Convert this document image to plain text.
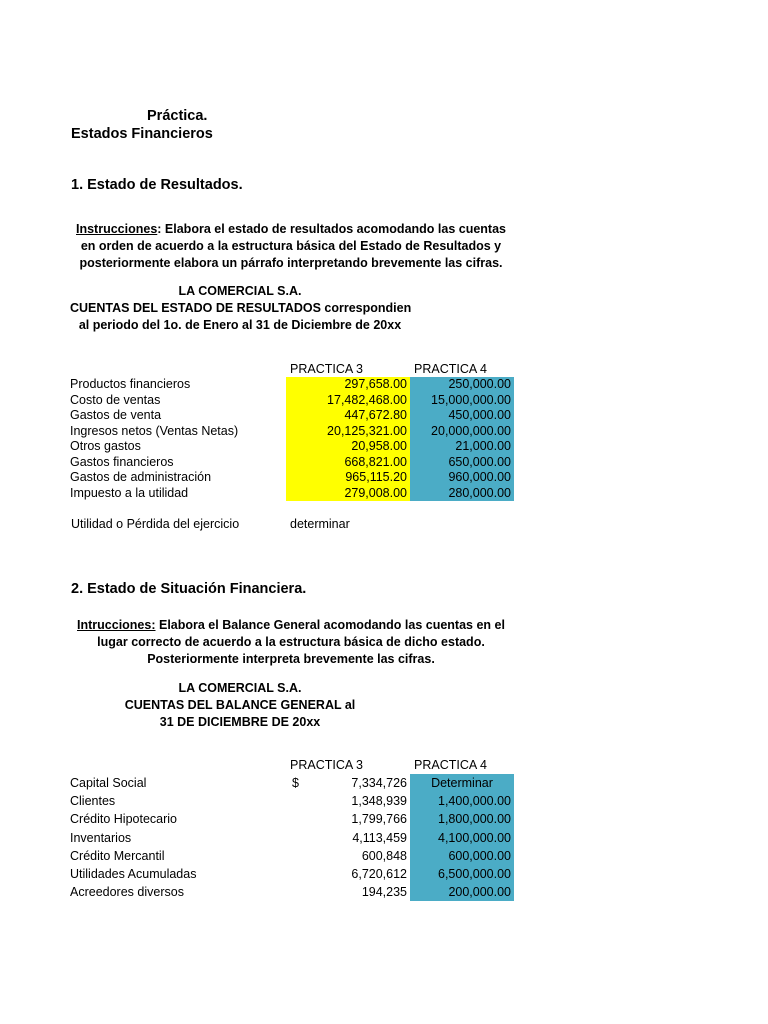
Práctica.
Estados Financieros
1. Estado de Resultados.
Instrucciones: Elabora el estado de resultados acomodando las cuentas
en orden de acuerdo a la estructura básica del Estado de Resultados y
posteriormente elabora un párrafo interpretando brevemente las cifras.
LA COMERCIAL S.A.
CUENTAS DEL ESTADO DE RESULTADOS correspondien
al periodo del 1o. de Enero al 31 de Diciembre de 20xx
PRACTICA 3	PRACTICA 4
Productos financieros	297,658.00	250,000.00
Costo de ventas	17,482,468.00	15,000,000.00
Gastos de venta	447,672.80	450,000.00
Ingresos netos (Ventas Netas)	20,125,321.00	20,000,000.00
Otros gastos	20,958.00	21,000.00
Gastos financieros	668,821.00	650,000.00
Gastos de administración	965,115.20	960,000.00
Impuesto a la utilidad	279,008.00	280,000.00
Utilidad o Pérdida del ejercicio	determinar
2. Estado de Situación Financiera.
Intrucciones: Elabora el Balance General acomodando las cuentas en el
lugar correcto de acuerdo a la estructura básica de dicho estado.
Posteriormente interpreta brevemente las cifras.
LA COMERCIAL S.A.
CUENTAS DEL BALANCE GENERAL al
31 DE DICIEMBRE DE 20xx
PRACTICA 3	PRACTICA 4
Capital Social	$	7,334,726	Determinar
Clientes	1,348,939	1,400,000.00
Crédito Hipotecario	1,799,766	1,800,000.00
Inventarios	4,113,459	4,100,000.00
Crédito Mercantil	600,848	600,000.00
Utilidades Acumuladas	6,720,612	6,500,000.00
Acreedores diversos	194,235	200,000.00
